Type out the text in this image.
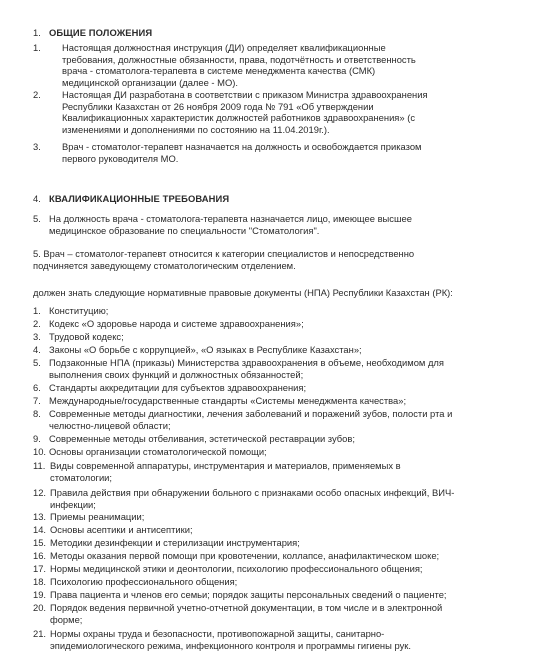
1. ОБЩИЕ ПОЛОЖЕНИЯ
1. Настоящая должностная инструкция (ДИ) определяет квалификационные
требования, должностные обязанности, права, подотчётность и ответственность
врача - стоматолога-терапевта в системе менеджмента качества (СМК)
медицинской организации (далее - МО).
2. Настоящая ДИ разработана в соответствии с приказом Министра здравоохранения
Республики Казахстан от 26 ноября 2009 года № 791 «Об утверждении
Квалификационных характеристик должностей работников здравоохранения» (с
изменениями и дополнениями по состоянию на 11.04.2019г.).
3. Врач - стоматолог-терапевт назначается на должность и освобождается приказом
первого руководителя МО.
4. КВАЛИФИКАЦИОННЫЕ ТРЕБОВАНИЯ
5. На должность врача - стоматолога-терапевта назначается лицо, имеющее высшее
медицинское образование по специальности "Стоматология".
5. Врач – стоматолог-терапевт относится к категории специалистов и непосредственно
подчиняется заведующему стоматологическим отделением.
должен знать следующие нормативные правовые документы (НПА) Республики Казахстан (РК):
1. Конституцию;
2. Кодекс «О здоровье народа и системе здравоохранения»;
3. Трудовой кодекс;
4. Законы «О борьбе с коррупцией», «О языках в Республике Казахстан»;
5. Подзаконные НПА (приказы) Министерства здравоохранения в объеме, необходимом для
выполнения своих функций и должностных обязанностей;
6. Стандарты аккредитации для субъектов здравоохранения;
7. Международные/государственные стандарты «Системы менеджмента качества»;
8. Современные методы диагностики, лечения заболеваний и поражений зубов, полости рта и
челюстно-лицевой области;
9. Современные методы отбеливания, эстетической реставрации зубов;
10. Основы организации стоматологической помощи;
11. Виды современной аппаратуры, инструментария и материалов, применяемых в
стоматологии;
12. Правила действия при обнаружении больного с признаками особо опасных инфекций, ВИЧ-
инфекции;
13. Приемы реанимации;
14. Основы асептики и антисептики;
15. Методики дезинфекции и стерилизации инструментария;
16. Методы оказания первой помощи при кровотечении, коллапсе, анафилактическом шоке;
17. Нормы медицинской этики и деонтологии, психологию профессионального общения;
18. Психологию профессионального общения;
19. Права пациента и членов его семьи; порядок защиты персональных сведений о пациенте;
20. Порядок ведения первичной учетно-отчетной документации, в том числе и в электронной
форме;
21. Нормы охраны труда и безопасности, противопожарной защиты, санитарно-
эпидемиологического режима, инфекционного контроля и программы гигиены рук.
